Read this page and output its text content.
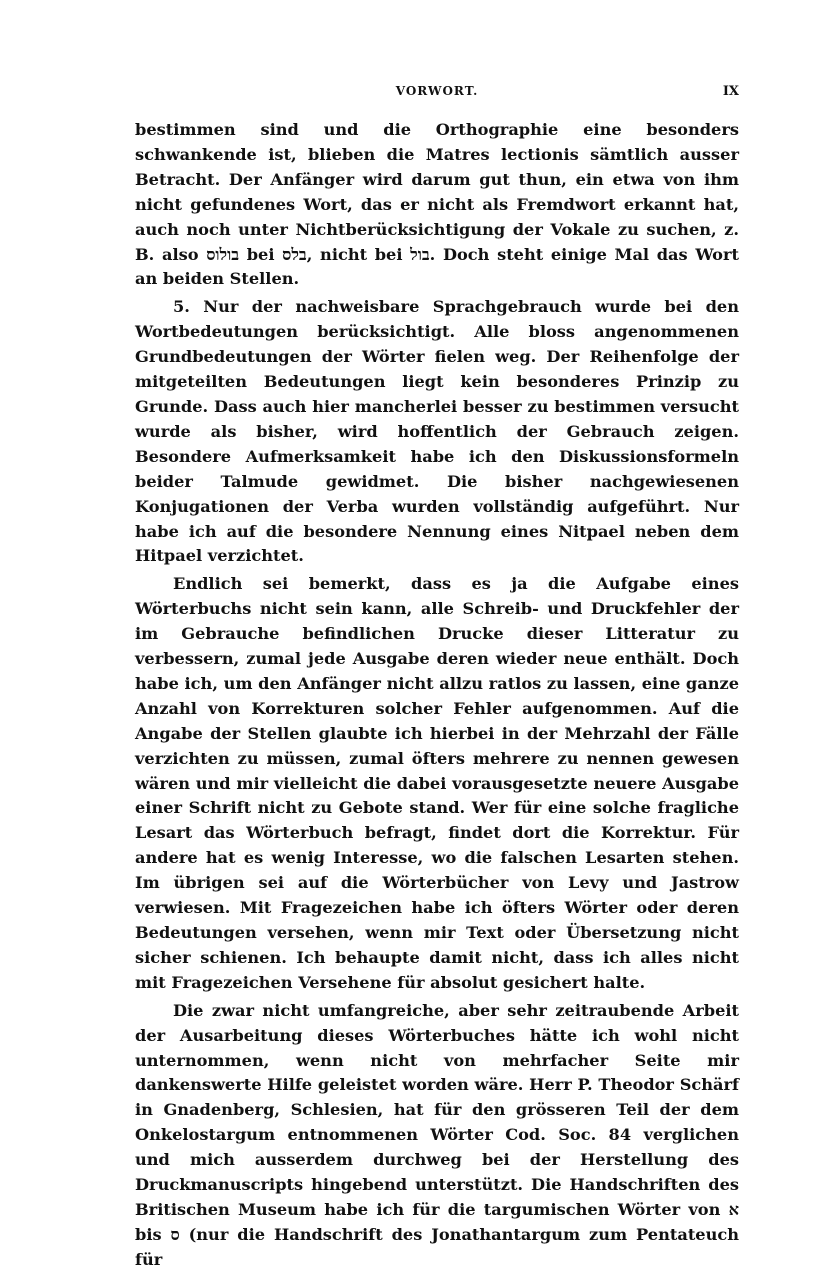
VORWORT.	IX

bestimmen sind und die Orthographie eine besonders schwankende ist, blieben die Matres lectionis sämtlich ausser Betracht. Der Anfänger wird darum gut thun, ein etwa von ihm nicht gefundenes Wort, das er nicht als Fremdwort erkannt hat, auch noch unter Nichtberücksichtigung der Vokale zu suchen, z. B. also בולוס bei בלס, nicht bei בול. Doch steht einige Mal das Wort an beiden Stellen.

5. Nur der nachweisbare Sprachgebrauch wurde bei den Wortbedeutungen berücksichtigt. Alle bloss angenommenen Grundbedeutungen der Wörter fielen weg. Der Reihenfolge der mitgeteilten Bedeutungen liegt kein besonderes Prinzip zu Grunde. Dass auch hier mancherlei besser zu bestimmen versucht wurde als bisher, wird hoffentlich der Gebrauch zeigen. Besondere Aufmerksamkeit habe ich den Diskussionsformeln beider Talmude gewidmet. Die bisher nachgewiesenen Konjugationen der Verba wurden vollständig aufgeführt. Nur habe ich auf die besondere Nennung eines Nitpael neben dem Hitpael verzichtet.

Endlich sei bemerkt, dass es ja die Aufgabe eines Wörterbuchs nicht sein kann, alle Schreib- und Druckfehler der im Gebrauche befindlichen Drucke dieser Litteratur zu verbessern, zumal jede Ausgabe deren wieder neue enthält. Doch habe ich, um den Anfänger nicht allzu ratlos zu lassen, eine ganze Anzahl von Korrekturen solcher Fehler aufgenommen. Auf die Angabe der Stellen glaubte ich hierbei in der Mehrzahl der Fälle verzichten zu müssen, zumal öfters mehrere zu nennen gewesen wären und mir vielleicht die dabei vorausgesetzte neuere Ausgabe einer Schrift nicht zu Gebote stand. Wer für eine solche fragliche Lesart das Wörterbuch befragt, findet dort die Korrektur. Für andere hat es wenig Interesse, wo die falschen Lesarten stehen. Im übrigen sei auf die Wörterbücher von Levy und Jastrow verwiesen. Mit Fragezeichen habe ich öfters Wörter oder deren Bedeutungen versehen, wenn mir Text oder Übersetzung nicht sicher schienen. Ich behaupte damit nicht, dass ich alles nicht mit Fragezeichen Versehene für absolut gesichert halte.

Die zwar nicht umfangreiche, aber sehr zeitraubende Arbeit der Ausarbeitung dieses Wörterbuches hätte ich wohl nicht unternommen, wenn nicht von mehrfacher Seite mir dankenswerte Hilfe geleistet worden wäre. Herr P. Theodor Schärf in Gnadenberg, Schlesien, hat für den grösseren Teil der dem Onkelostargum entnommenen Wörter Cod. Soc. 84 verglichen und mich ausserdem durchweg bei der Herstellung des Druckmanuscripts hingebend unterstützt. Die Handschriften des Britischen Museum habe ich für die targumischen Wörter von א bis ס (nur die Handschrift des Jonathantargum zum Pentateuch für
